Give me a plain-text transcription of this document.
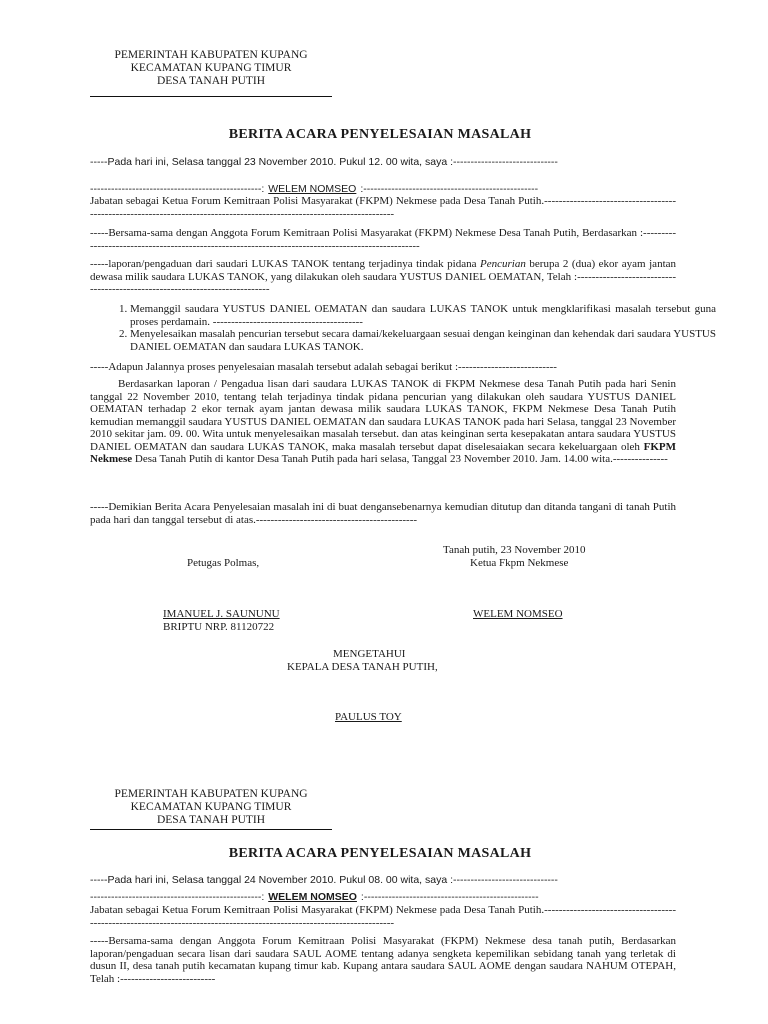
PEMERINTAH KABUPATEN KUPANG
KECAMATAN KUPANG TIMUR
DESA TANAH PUTIH
BERITA ACARA PENYELESAIAN MASALAH
-----Pada hari ini, Selasa tanggal 23 November 2010. Pukul 12. 00 wita, saya :------------------------------
-------------------------------------------------: WELEM NOMSEO :--------------------------------------------------
Jabatan sebagai Ketua Forum Kemitraan Polisi Masyarakat (FKPM) Nekmese pada Desa Tanah Putih.-----------------------------------------------------------------------------------------------------------------------
-----Bersama-sama dengan Anggota Forum Kemitraan Polisi Masyarakat (FKPM) Nekmese Desa Tanah Putih, Berdasarkan :---------------------------------------------------------------------------------------------------
-----laporan/pengaduan dari saudari LUKAS TANOK tentang terjadinya tindak pidana Pencurian berupa 2 (dua) ekor ayam jantan dewasa milik saudara LUKAS TANOK, yang dilakukan oleh saudara YUSTUS DANIEL OEMATAN, Telah :----------------------------------------------------------------------------
1. Memanggil saudara YUSTUS DANIEL OEMATAN dan saudara LUKAS TANOK untuk mengklarifikasi masalah tersebut guna proses perdamain. -----------------------------------------
2. Menyelesaikan masalah pencurian tersebut secara damai/kekeluargaan sesuai dengan keinginan dan kehendak dari saudara YUSTUS DANIEL OEMATAN dan saudara LUKAS TANOK.
-----Adapun Jalannya proses penyelesaian masalah tersebut adalah sebagai berikut :---------------------------
Berdasarkan laporan / Pengadua lisan dari saudara LUKAS TANOK di FKPM Nekmese desa Tanah Putih pada hari Senin tanggal 22 November 2010, tentang telah terjadinya tindak pidana pencurian yang dilakukan oleh saudara YUSTUS DANIEL OEMATAN terhadap 2 ekor ternak ayam jantan dewasa milik saudara LUKAS TANOK, FKPM Nekmese Desa Tanah Putih kemudian memanggil saudara YUSTUS DANIEL OEMATAN dan saudara LUKAS TANOK pada hari Selasa, tanggal 23 November 2010 sekitar jam. 09. 00. Wita untuk menyelesaikan masalah tersebut. dan atas keinginan serta kesepakatan antara saudara YUSTUS DANIEL OEMATAN dan saudara LUKAS TANOK, maka masalah tersebut dapat diselesaiakan secara kekeluargaan oleh FKPM Nekmese Desa Tanah Putih di kantor Desa Tanah Putih pada hari selasa, Tanggal 23 November 2010. Jam. 14.00 wita.---------------
-----Demikian Berita Acara Penyelesaian masalah ini di buat dengansebenarnya kemudian ditutup dan ditanda tangani di tanah Putih pada hari dan tanggal tersebut di atas.--------------------------------------------
Tanah putih, 23 November 2010
Petugas Polmas,	Ketua Fkpm Nekmese
IMANUEL J. SAUNUNU
BRIPTU NRP. 81120722
WELEM NOMSEO
MENGETAHUI
KEPALA DESA TANAH PUTIH,
PAULUS TOY
PEMERINTAH KABUPATEN KUPANG
KECAMATAN KUPANG TIMUR
DESA TANAH PUTIH
BERITA ACARA PENYELESAIAN MASALAH
-----Pada hari ini, Selasa tanggal 24 November 2010. Pukul 08. 00 wita, saya :------------------------------
-------------------------------------------------: WELEM NOMSEO :--------------------------------------------------
Jabatan sebagai Ketua Forum Kemitraan Polisi Masyarakat (FKPM) Nekmese pada Desa Tanah Putih.-----------------------------------------------------------------------------------------------------------------------
-----Bersama-sama dengan Anggota Forum Kemitraan Polisi Masyarakat (FKPM) Nekmese desa tanah putih, Berdasarkan laporan/pengaduan secara lisan dari saudara SAUL AOME tentang adanya sengketa kepemilikan sebidang tanah yang terletak di dusun II, desa tanah putih kecamatan kupang timur kab. Kupang antara saudara SAUL AOME dengan saudara NAHUM OTEPAH, Telah :--------------------------
